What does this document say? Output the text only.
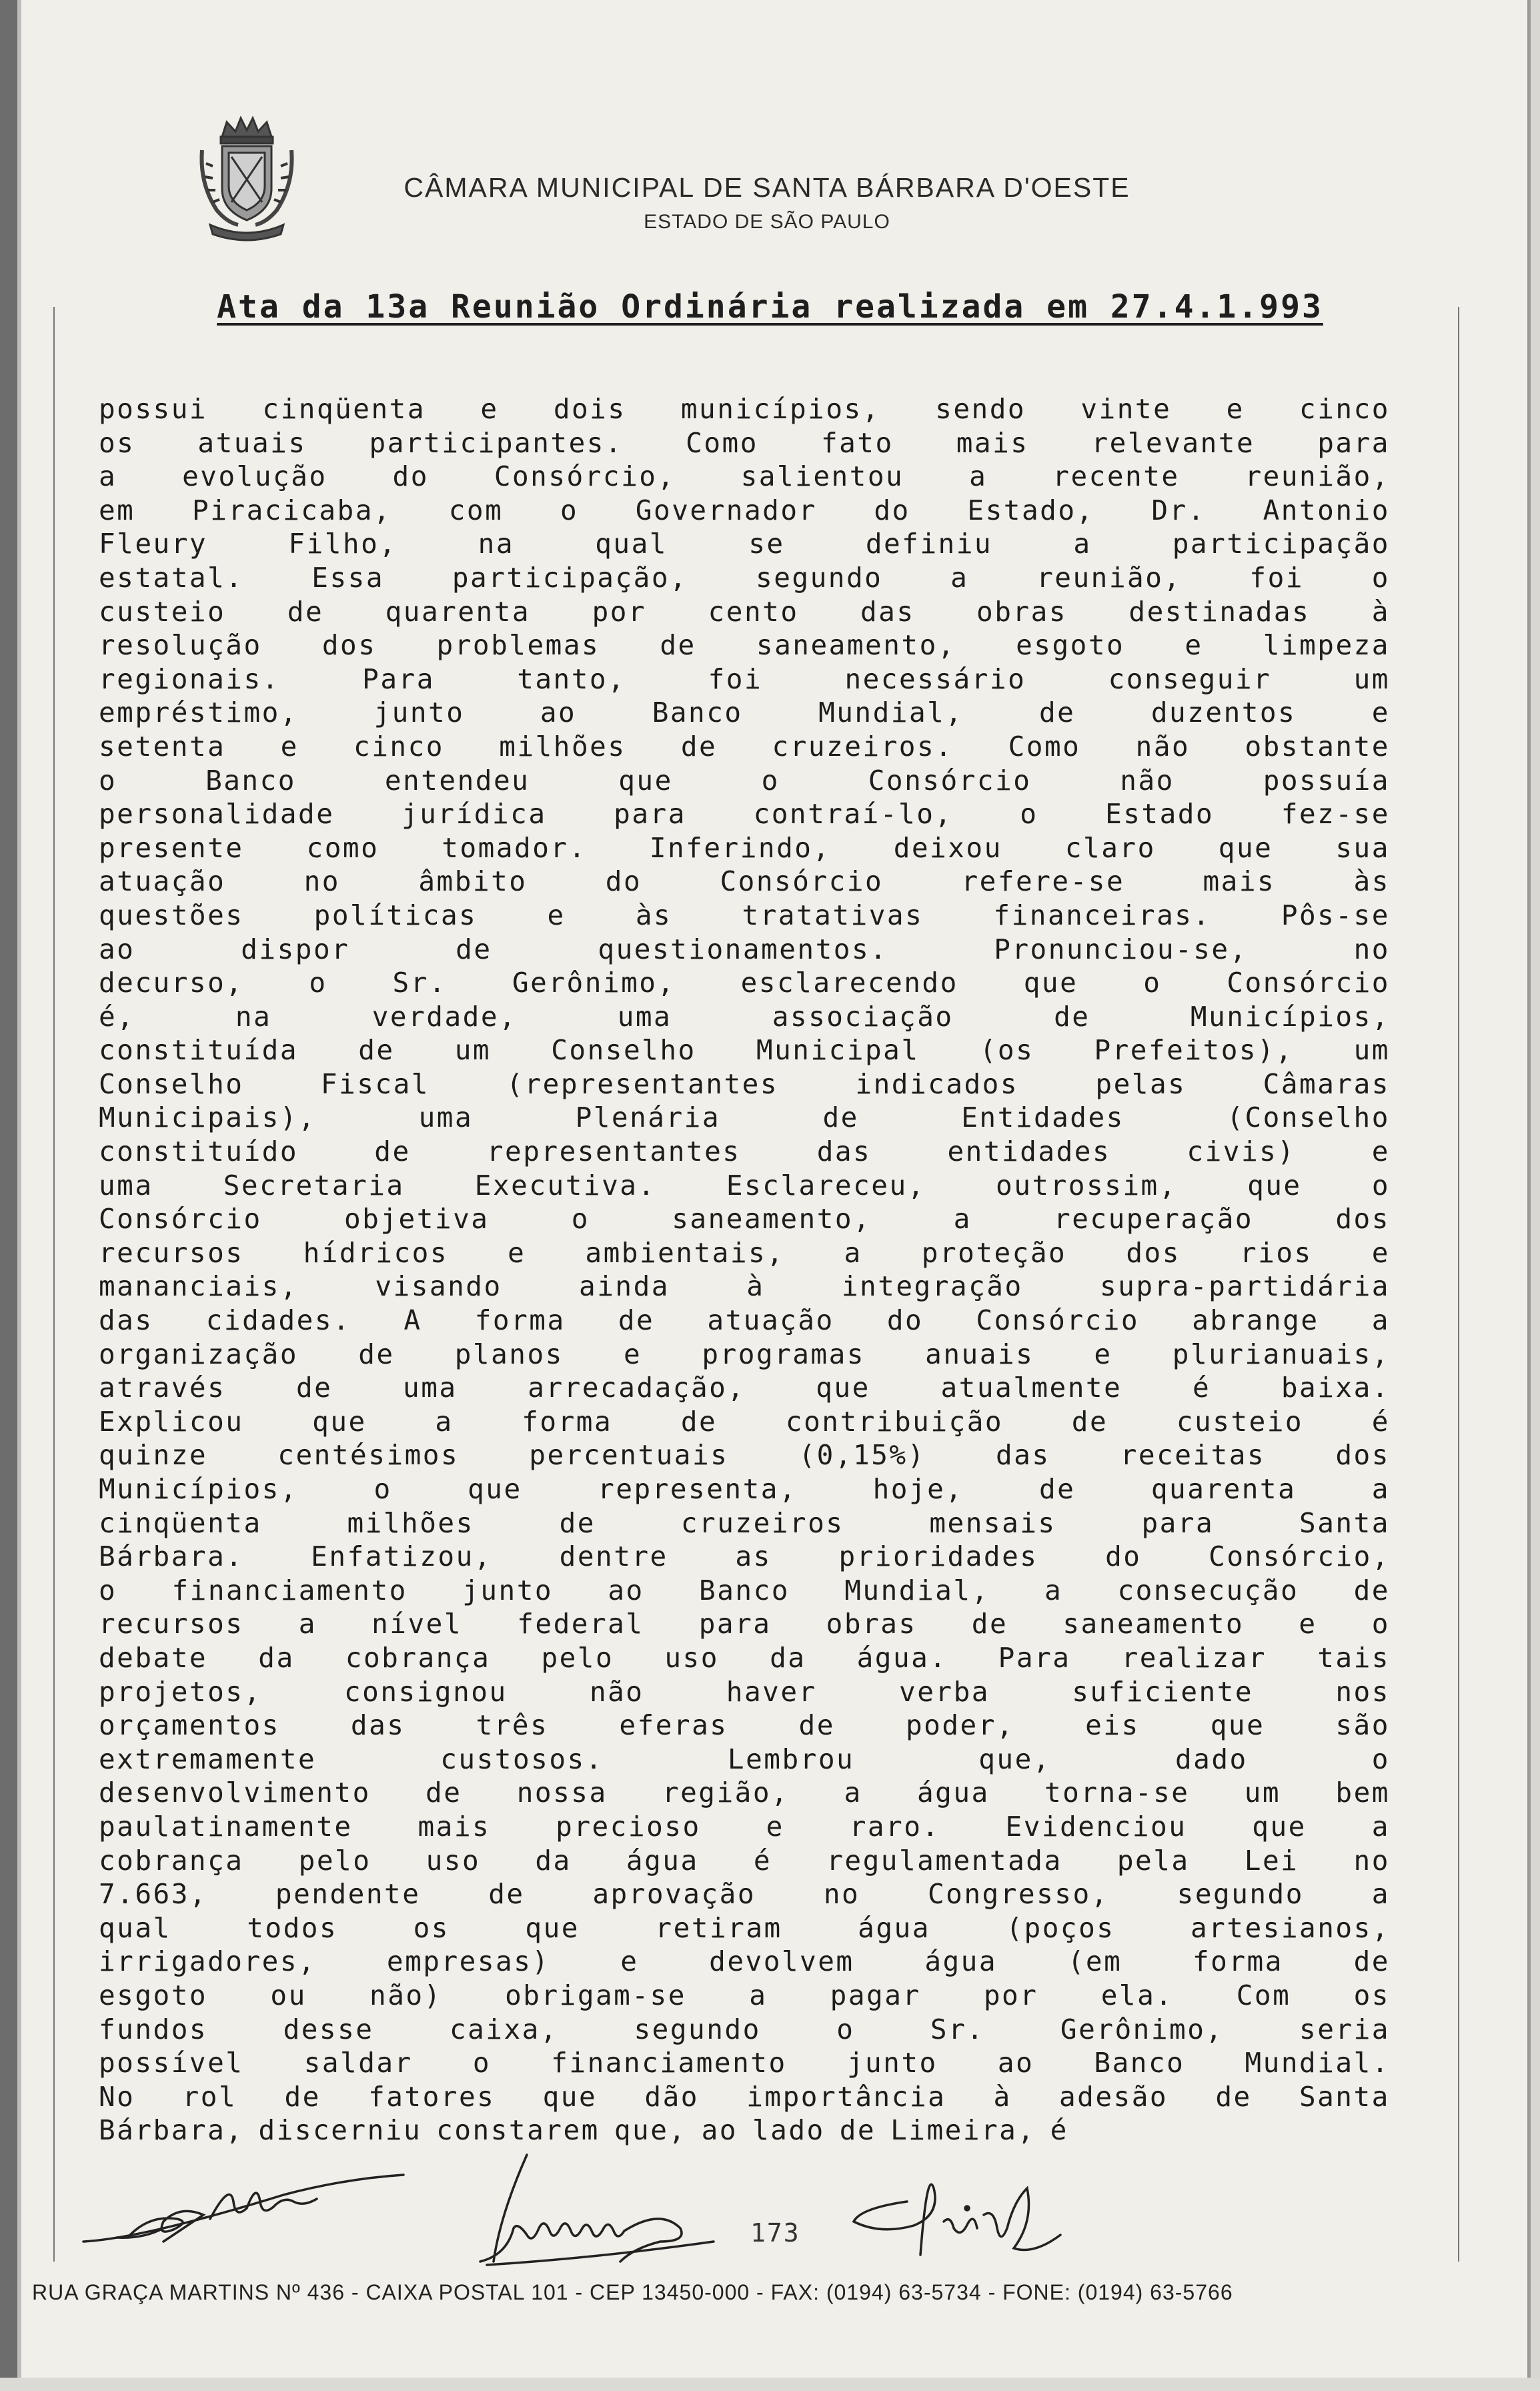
CÂMARA MUNICIPAL DE SANTA BÁRBARA D'OESTE
ESTADO DE SÃO PAULO
Ata da 13a Reunião Ordinária realizada em 27.4.1.993
possui cinqüenta e dois municípios, sendo vinte e cinco
os atuais participantes. Como fato mais relevante para
a evolução do Consórcio, salientou a recente reunião,
em Piracicaba, com o Governador do Estado, Dr. Antonio
Fleury	Filho,	na	qual	se	definiu	a	participação
estatal. Essa participação, segundo a reunião, foi o
custeio de quarenta por cento das obras destinadas à
resolução dos problemas de saneamento, esgoto e limpeza
regionais.	Para	tanto,	foi	necessário	conseguir	um
empréstimo,	junto	ao	Banco	Mundial,	de	duzentos	e
setenta e cinco milhões de cruzeiros. Como não obstante
o	Banco	entendeu	que	o	Consórcio	não	possuía
personalidade jurídica para contraí-lo, o Estado fez-se
presente como tomador. Inferindo, deixou claro que sua
atuação	no	âmbito	do	Consórcio	refere-se	mais	às
questões	políticas	e	às	tratativas	financeiras.	Pôs-se
ao	dispor	de	questionamentos.	Pronunciou-se,	no
decurso, o Sr. Gerônimo, esclarecendo que o Consórcio
é,	na	verdade,	uma	associação	de	Municípios,
constituída de um Conselho Municipal (os Prefeitos), um
Conselho	Fiscal	(representantes	indicados	pelas	Câmaras
Municipais),	uma	Plenária	de	Entidades	(Conselho
constituído	de	representantes	das	entidades	civis)	e
uma	Secretaria	Executiva.	Esclareceu,	outrossim,	que	o
Consórcio	objetiva	o	saneamento,	a	recuperação	dos
recursos hídricos e ambientais, a proteção dos rios e
mananciais,	visando	ainda	à	integração	supra-partidária
das cidades. A forma de atuação do Consórcio abrange a
organização de planos e programas anuais e plurianuais,
através	de	uma	arrecadação,	que	atualmente	é	baixa.
Explicou	que	a	forma	de	contribuição	de	custeio	é
quinze	centésimos	percentuais	(0,15%)	das	receitas	dos
Municípios,	o	que	representa,	hoje,	de	quarenta	a
cinqüenta	milhões	de	cruzeiros	mensais	para	Santa
Bárbara. Enfatizou, dentre as prioridades do Consórcio,
o financiamento junto ao Banco Mundial, a consecução de
recursos a nível federal para obras de saneamento e o
debate da cobrança pelo uso da água. Para realizar tais
projetos,	consignou	não	haver	verba	suficiente	nos
orçamentos	das	três	eferas	de	poder,	eis	que	são
extremamente	custosos.	Lembrou	que,	dado	o
desenvolvimento de nossa região, a água torna-se um bem
paulatinamente mais precioso e raro. Evidenciou que a
cobrança pelo uso da água é regulamentada pela Lei no
7.663, pendente de aprovação no Congresso, segundo a
qual	todos	os	que	retiram	água	(poços	artesianos,
irrigadores,	empresas)	e	devolvem	água	(em	forma	de
esgoto ou não) obrigam-se a pagar por ela. Com os
fundos	desse	caixa,	segundo	o	Sr.	Gerônimo,	seria
possível saldar o financiamento junto ao Banco Mundial.
No rol de fatores que dão importância à adesão de Santa
Bárbara, discerniu constarem que, ao lado de Limeira, é
173
RUA GRAÇA MARTINS Nº 436 - CAIXA POSTAL 101 - CEP 13450-000 - FAX: (0194) 63-5734 - FONE: (0194) 63-5766
